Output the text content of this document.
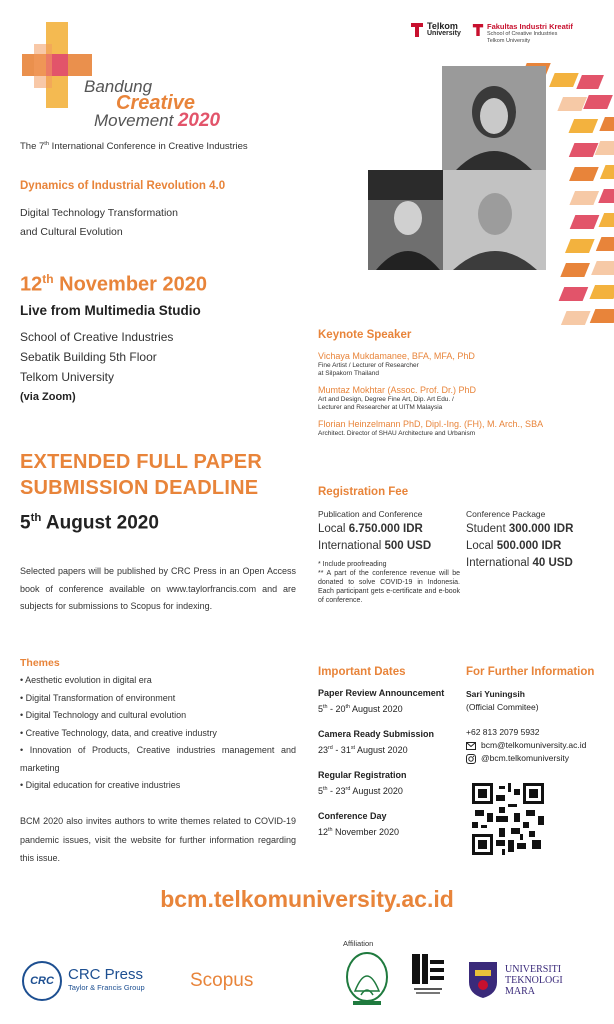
Bandung
Creative
Movement 2020
The 7th International Conference in Creative Industries
Telkom
University
Fakultas Industri Kreatif
School of Creative Industries
Telkom University
Dynamics of Industrial Revolution 4.0
Digital Technology Transformation
and Cultural Evolution
12th November 2020
Live from Multimedia Studio
School of Creative Industries
Sebatik Building 5th Floor
Telkom University
(via Zoom)
EXTENDED FULL PAPER
SUBMISSION DEADLINE
5th August 2020
Selected papers will be published by CRC Press in an Open Access book of conference available on www.taylorfrancis.com and are subjects for submissions to Scopus for indexing.
Themes
• Aesthetic evolution in digital era
• Digital Transformation of environment
• Digital Technology and cultural evolution
• Creative Technology, data, and creative industry
• Innovation of Products, Creative industries management and marketing
• Digital education for creative industries
BCM 2020 also invites authors to write themes related to COVID-19 pandemic issues, visit the website for further information regarding this issue.
Keynote Speaker
Vichaya Mukdamanee, BFA, MFA, PhD
Fine Artist / Lecturer of Researcher
at Silpakorn Thailand
Mumtaz Mokhtar (Assoc. Prof. Dr.) PhD
Art and Design, Degree Fine Art, Dip. Art Edu. /
Lecturer and Researcher at UITM Malaysia
Florian Heinzelmann PhD, Dipl.-Ing. (FH), M. Arch., SBA
Architect. Director of SHAU Architecture and Urbanism
Registration Fee
Publication and Conference
Local 6.750.000 IDR
International 500 USD
* Include proofreading
** A part of the conference revenue will be donated to solve COVID-19 in Indonesia. Each participant gets e-certificate and e-book of conference.
Conference Package
Student 300.000 IDR
Local 500.000 IDR
International 40 USD
Important Dates
Paper Review Announcement
5th - 20th August 2020
Camera Ready Submission
23rd - 31st August 2020
Regular Registration
5th - 23rd August 2020
Conference Day
12th November 2020
For Further Information
Sari Yuningsih
(Official Commitee)
+62 813 2079 5932
bcm@telkomuniversity.ac.id
@bcm.telkomuniversity
bcm.telkomuniversity.ac.id
Affiliation
CRC CRC Press
Taylor & Francis Group Scopus
UNIVERSITI
TEKNOLOGI
MARA
